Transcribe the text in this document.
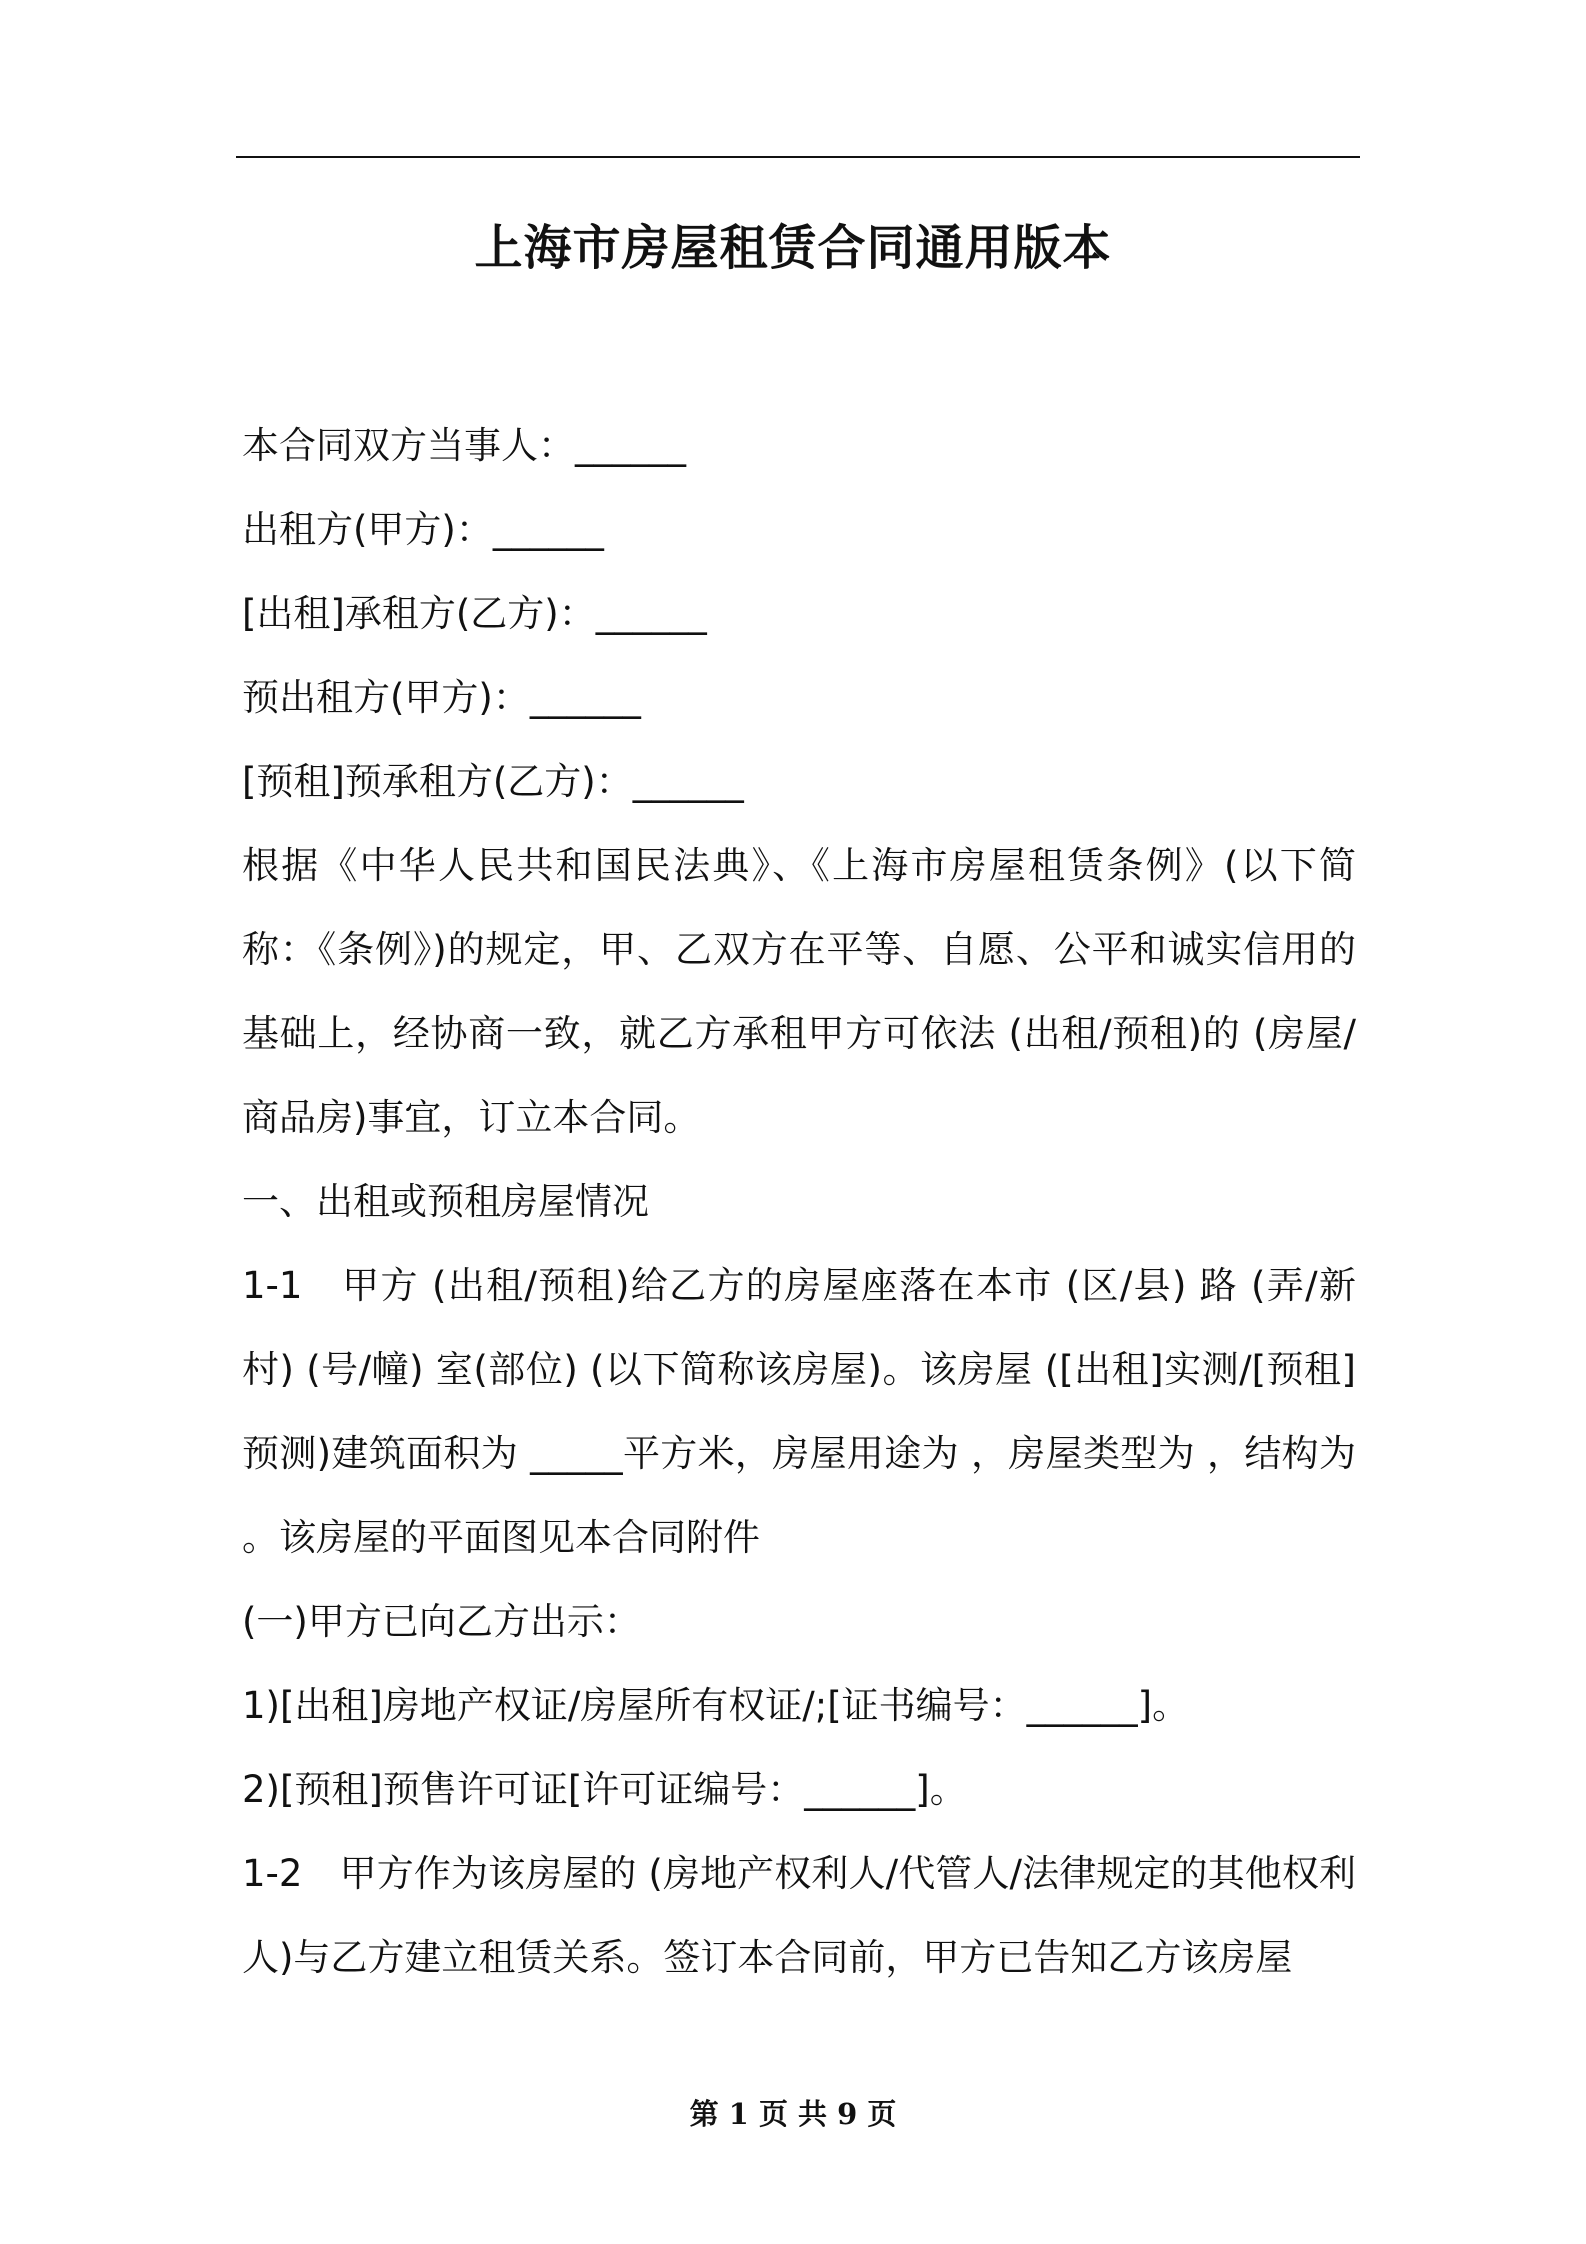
上海市房屋租赁合同通用版本
本合同双方当事人：______
出租方(甲方)：______
[出租]承租方(乙方)：______
预出租方(甲方)：______
[预租]预承租方(乙方)：______
根据《中华人民共和国民法典》、《上海市房屋租赁条例》(以下简称：《条例》)的规定，甲、乙双方在平等、自愿、公平和诚实信用的基础上，经协商一致，就乙方承租甲方可依法 (出租/预租)的 (房屋/商品房)事宜，订立本合同。
一、出租或预租房屋情况
1-1　甲方 (出租/预租)给乙方的房屋座落在本市 (区/县) 路 (弄/新村) (号/幢) 室(部位) (以下简称该房屋)。该房屋 ([出租]实测/[预租]预测)建筑面积为 _____平方米，房屋用途为 ，房屋类型为 ，结构为 。该房屋的平面图见本合同附件
(一)甲方已向乙方出示：
1)[出租]房地产权证/房屋所有权证/;[证书编号：______]。
2)[预租]预售许可证[许可证编号：______]。
1-2　甲方作为该房屋的 (房地产权利人/代管人/法律规定的其他权利人)与乙方建立租赁关系。签订本合同前，甲方已告知乙方该房屋
第 1 页 共 9 页
